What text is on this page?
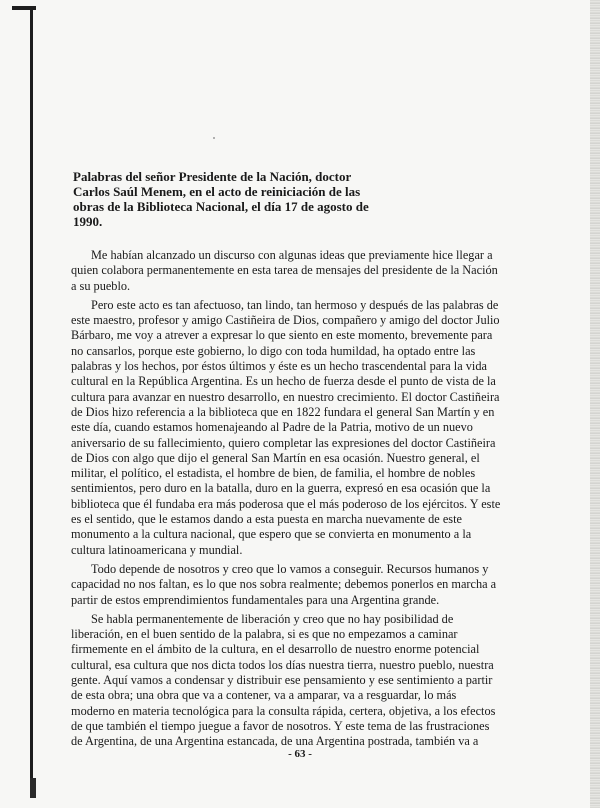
Palabras del señor Presidente de la Nación, doctor Carlos Saúl Menem, en el acto de reiniciación de las obras de la Biblioteca Nacional, el día 17 de agosto de 1990.

Me habían alcanzado un discurso con algunas ideas que previamente hice llegar a quien colabora permanentemente en esta tarea de mensajes del presidente de la Nación a su pueblo.

Pero este acto es tan afectuoso, tan lindo, tan hermoso y después de las palabras de este maestro, profesor y amigo Castiñeira de Dios, compañero y amigo del doctor Julio Bárbaro, me voy a atrever a expresar lo que siento en este momento, brevemente para no cansarlos, porque este gobierno, lo digo con toda humildad, ha optado entre las palabras y los hechos, por éstos últimos y éste es un hecho trascendental para la vida cultural en la República Argentina. Es un hecho de fuerza desde el punto de vista de la cultura para avanzar en nuestro desarrollo, en nuestro crecimiento. El doctor Castiñeira de Dios hizo referencia a la biblioteca que en 1822 fundara el general San Martín y en este día, cuando estamos homenajeando al Padre de la Patria, motivo de un nuevo aniversario de su fallecimiento, quiero completar las expresiones del doctor Castiñeira de Dios con algo que dijo el general San Martín en esa ocasión. Nuestro general, el militar, el político, el estadista, el hombre de bien, de familia, el hombre de nobles sentimientos, pero duro en la batalla, duro en la guerra, expresó en esa ocasión que la biblioteca que él fundaba era más poderosa que el más poderoso de los ejércitos. Y este es el sentido, que le estamos dando a esta puesta en marcha nuevamente de este monumento a la cultura nacional, que espero que se convierta en monumento a la cultura latinoamericana y mundial.

Todo depende de nosotros y creo que lo vamos a conseguir. Recursos humanos y capacidad no nos faltan, es lo que nos sobra realmente; debemos ponerlos en marcha a partir de estos emprendimientos fundamentales para una Argentina grande.

Se habla permanentemente de liberación y creo que no hay posibilidad de liberación, en el buen sentido de la palabra, si es que no empezamos a caminar firmemente en el ámbito de la cultura, en el desarrollo de nuestro enorme potencial cultural, esa cultura que nos dicta todos los días nuestra tierra, nuestro pueblo, nuestra gente. Aquí vamos a condensar y distribuir ese pensamiento y ese sentimiento a partir de esta obra; una obra que va a contener, va a amparar, va a resguardar, lo más moderno en materia tecnológica para la consulta rápida, certera, objetiva, a los efectos de que también el tiempo juegue a favor de nosotros. Y este tema de las frustraciones de Argentina, de una Argentina estancada, de una Argentina postrada, también va a

- 63 -
